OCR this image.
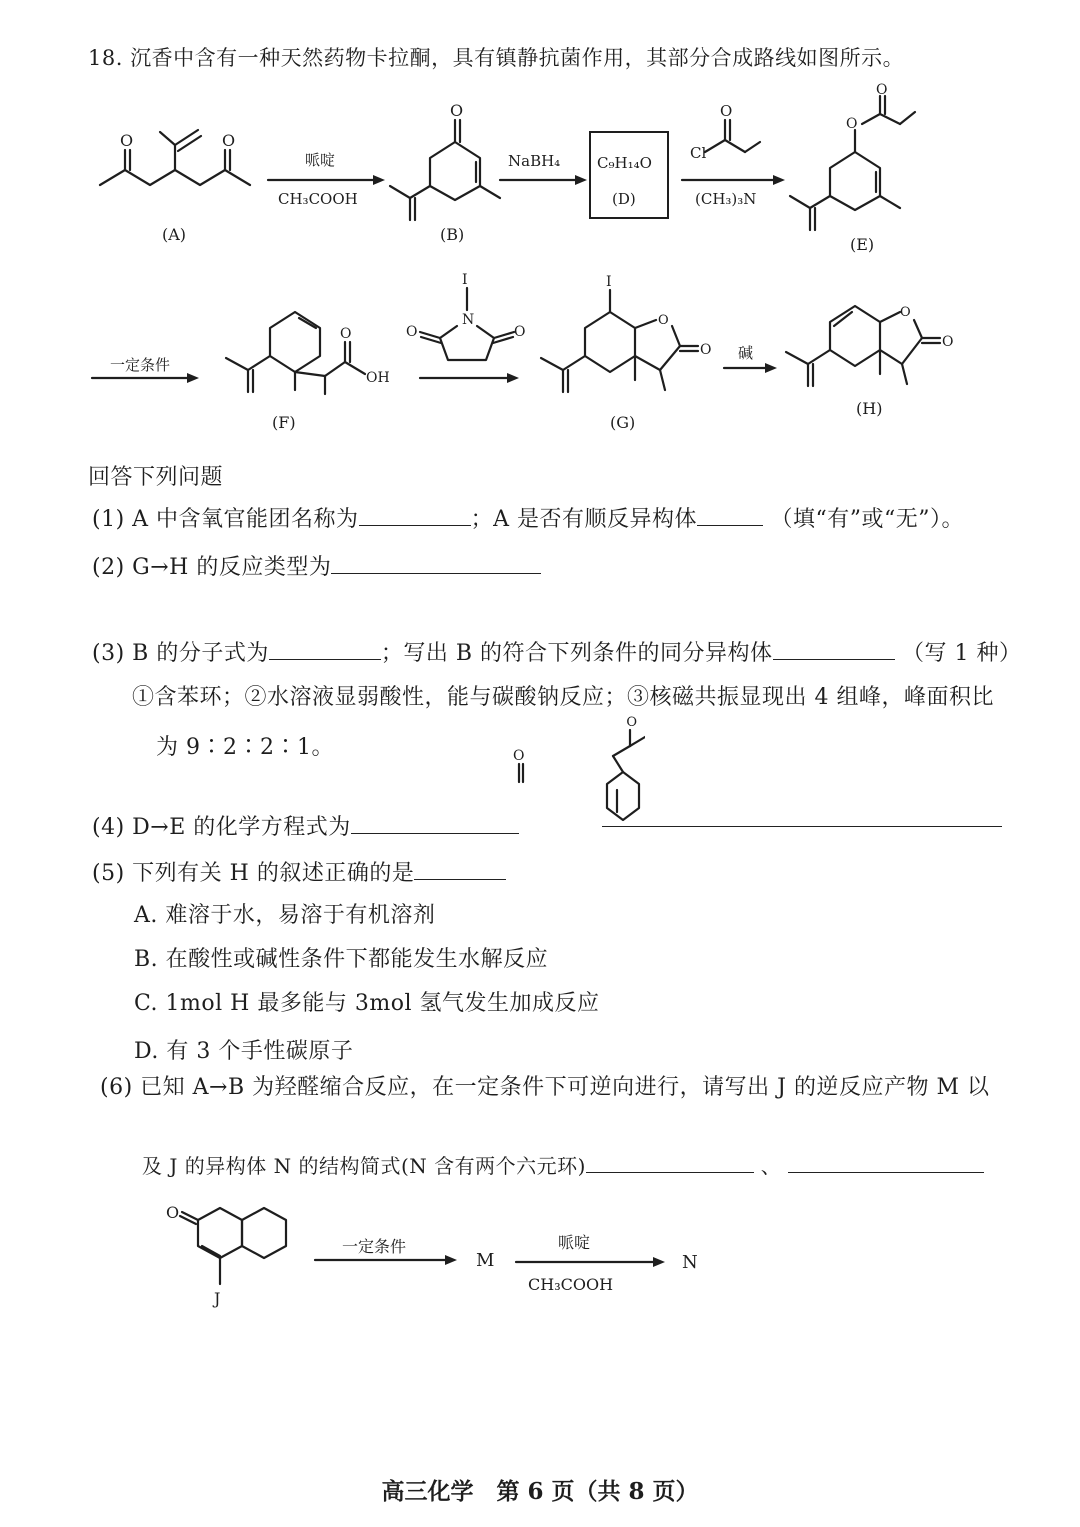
18. 沉香中含有一种天然药物卡拉酮，具有镇静抗菌作用，其部分合成路线如图所示。
O	O
(A)
哌啶
CH₃COOH
O
(B)
NaBH₄ C₉H₁₄O
(D)
O
Cl
(CH₃)₃N
O
O
(E)
一定条件
O
OH
(F)
N
I
O	O
I
O
O
(G)
碱
O
O
(H)
回答下列问题
(1) A 中含氧官能团名称为	；A 是否有顺反异构体	（填“有”或“无”）。
(2) G→H 的反应类型为
(3) B 的分子式为	；写出 B 的符合下列条件的同分异构体	（写 1 种）
①含苯环；②水溶液显弱酸性，能与碳酸钠反应；③核磁共振显现出 4 组峰，峰面积比
为 9∶2∶2∶1。	O
O
(4) D→E 的化学方程式为
(5) 下列有关 H 的叙述正确的是
A. 难溶于水，易溶于有机溶剂
B. 在酸性或碱性条件下都能发生水解反应
C. 1mol H 最多能与 3mol 氢气发生加成反应
D. 有 3 个手性碳原子
(6) 已知 A→B 为羟醛缩合反应，在一定条件下可逆向进行，请写出 J 的逆反应产物 M 以
及 J 的异构体 N 的结构简式(N 含有两个六元环)	、
O
J
一定条件
M
哌啶
CH₃COOH
N
高三化学　第 6 页（共 8 页）
